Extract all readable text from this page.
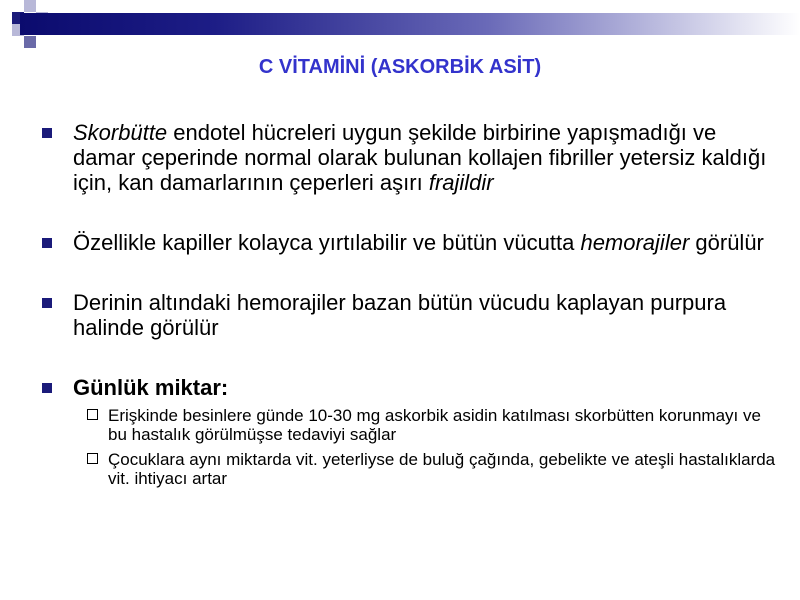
C VİTAMİNİ (ASKORBİK ASİT)
Skorbütte endotel hücreleri uygun şekilde birbirine yapışmadığı ve damar çeperinde normal olarak bulunan kollajen fibriller yetersiz kaldığı için, kan damarlarının çeperleri aşırı frajildir
Özellikle kapiller kolayca yırtılabilir ve bütün vücutta hemorajiler görülür
Derinin altındaki hemorajiler bazan bütün vücudu kaplayan purpura halinde görülür
Günlük miktar:
Erişkinde besinlere günde 10-30 mg askorbik asidin katılması skorbütten korunmayı ve bu hastalık görülmüşse tedaviyi sağlar
Çocuklara aynı miktarda vit. yeterliyse de buluğ çağında, gebelikte ve ateşli hastalıklarda vit. ihtiyacı artar
